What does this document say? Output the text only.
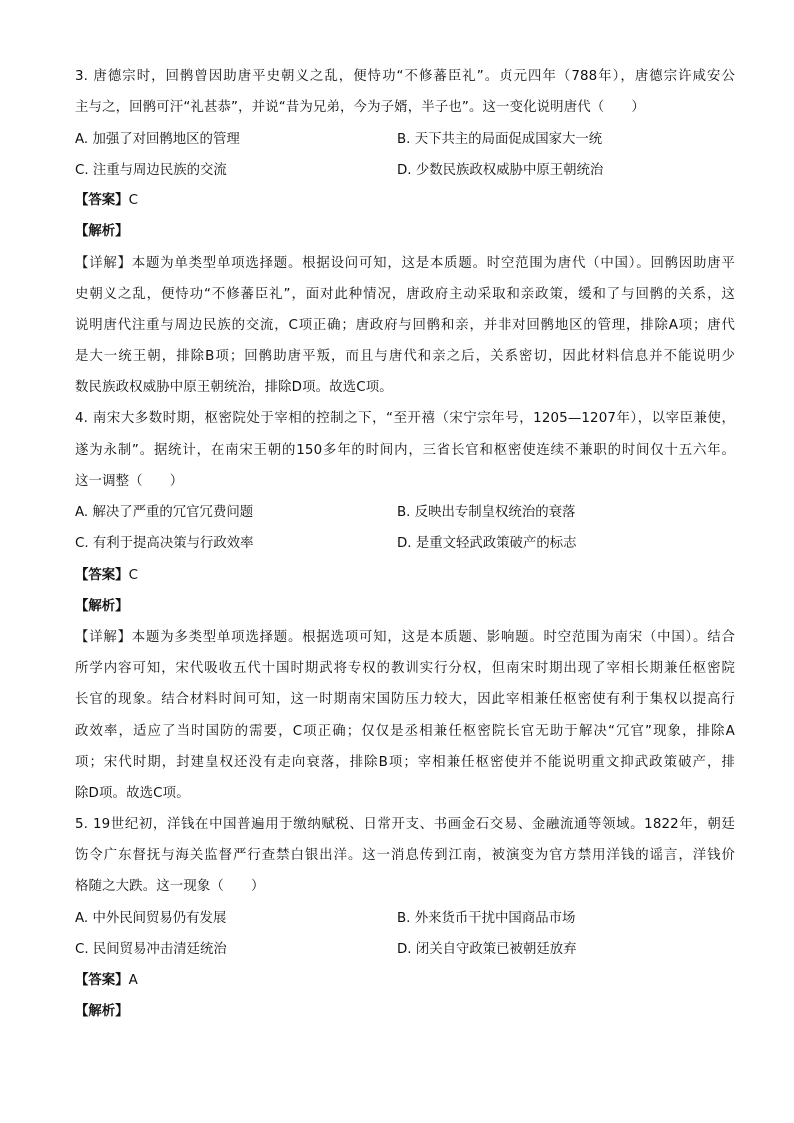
3. 唐德宗时，回鹘曾因助唐平史朝义之乱，便恃功“不修蕃臣礼”。贞元四年（788年），唐德宗许咸安公
主与之，回鹘可汗“礼甚恭”，并说“昔为兄弟，今为子婿，半子也”。这一变化说明唐代（　　）
A. 加强了对回鹘地区的管理	B. 天下共主的局面促成国家大一统
C. 注重与周边民族的交流	D. 少数民族政权威胁中原王朝统治
【答案】C
【解析】
【详解】本题为单类型单项选择题。根据设问可知，这是本质题。时空范围为唐代（中国）。回鹘因助唐平
史朝义之乱，便恃功“不修蕃臣礼”，面对此种情况，唐政府主动采取和亲政策，缓和了与回鹘的关系，这
说明唐代注重与周边民族的交流，C项正确；唐政府与回鹘和亲，并非对回鹘地区的管理，排除A项；唐代
是大一统王朝，排除B项；回鹘助唐平叛，而且与唐代和亲之后，关系密切，因此材料信息并不能说明少
数民族政权威胁中原王朝统治，排除D项。故选C项。
4. 南宋大多数时期，枢密院处于宰相的控制之下，“至开禧（宋宁宗年号，1205—1207年），以宰臣兼使，
遂为永制”。据统计，在南宋王朝的150多年的时间内，三省长官和枢密使连续不兼职的时间仅十五六年。
这一调整（　　）
A. 解决了严重的冗官冗费问题	B. 反映出专制皇权统治的衰落
C. 有利于提高决策与行政效率	D. 是重文轻武政策破产的标志
【答案】C
【解析】
【详解】本题为多类型单项选择题。根据选项可知，这是本质题、影响题。时空范围为南宋（中国）。结合
所学内容可知，宋代吸收五代十国时期武将专权的教训实行分权，但南宋时期出现了宰相长期兼任枢密院
长官的现象。结合材料时间可知，这一时期南宋国防压力较大，因此宰相兼任枢密使有利于集权以提高行
政效率，适应了当时国防的需要，C项正确；仅仅是丞相兼任枢密院长官无助于解决“冗官”现象，排除A
项；宋代时期，封建皇权还没有走向衰落，排除B项；宰相兼任枢密使并不能说明重文抑武政策破产，排
除D项。故选C项。
5. 19世纪初，洋钱在中国普遍用于缴纳赋税、日常开支、书画金石交易、金融流通等领域。1822年，朝廷
饬令广东督抚与海关监督严行查禁白银出洋。这一消息传到江南，被演变为官方禁用洋钱的谣言，洋钱价
格随之大跌。这一现象（　　）
A. 中外民间贸易仍有发展	B. 外来货币干扰中国商品市场
C. 民间贸易冲击清廷统治	D. 闭关自守政策已被朝廷放弃
【答案】A
【解析】
